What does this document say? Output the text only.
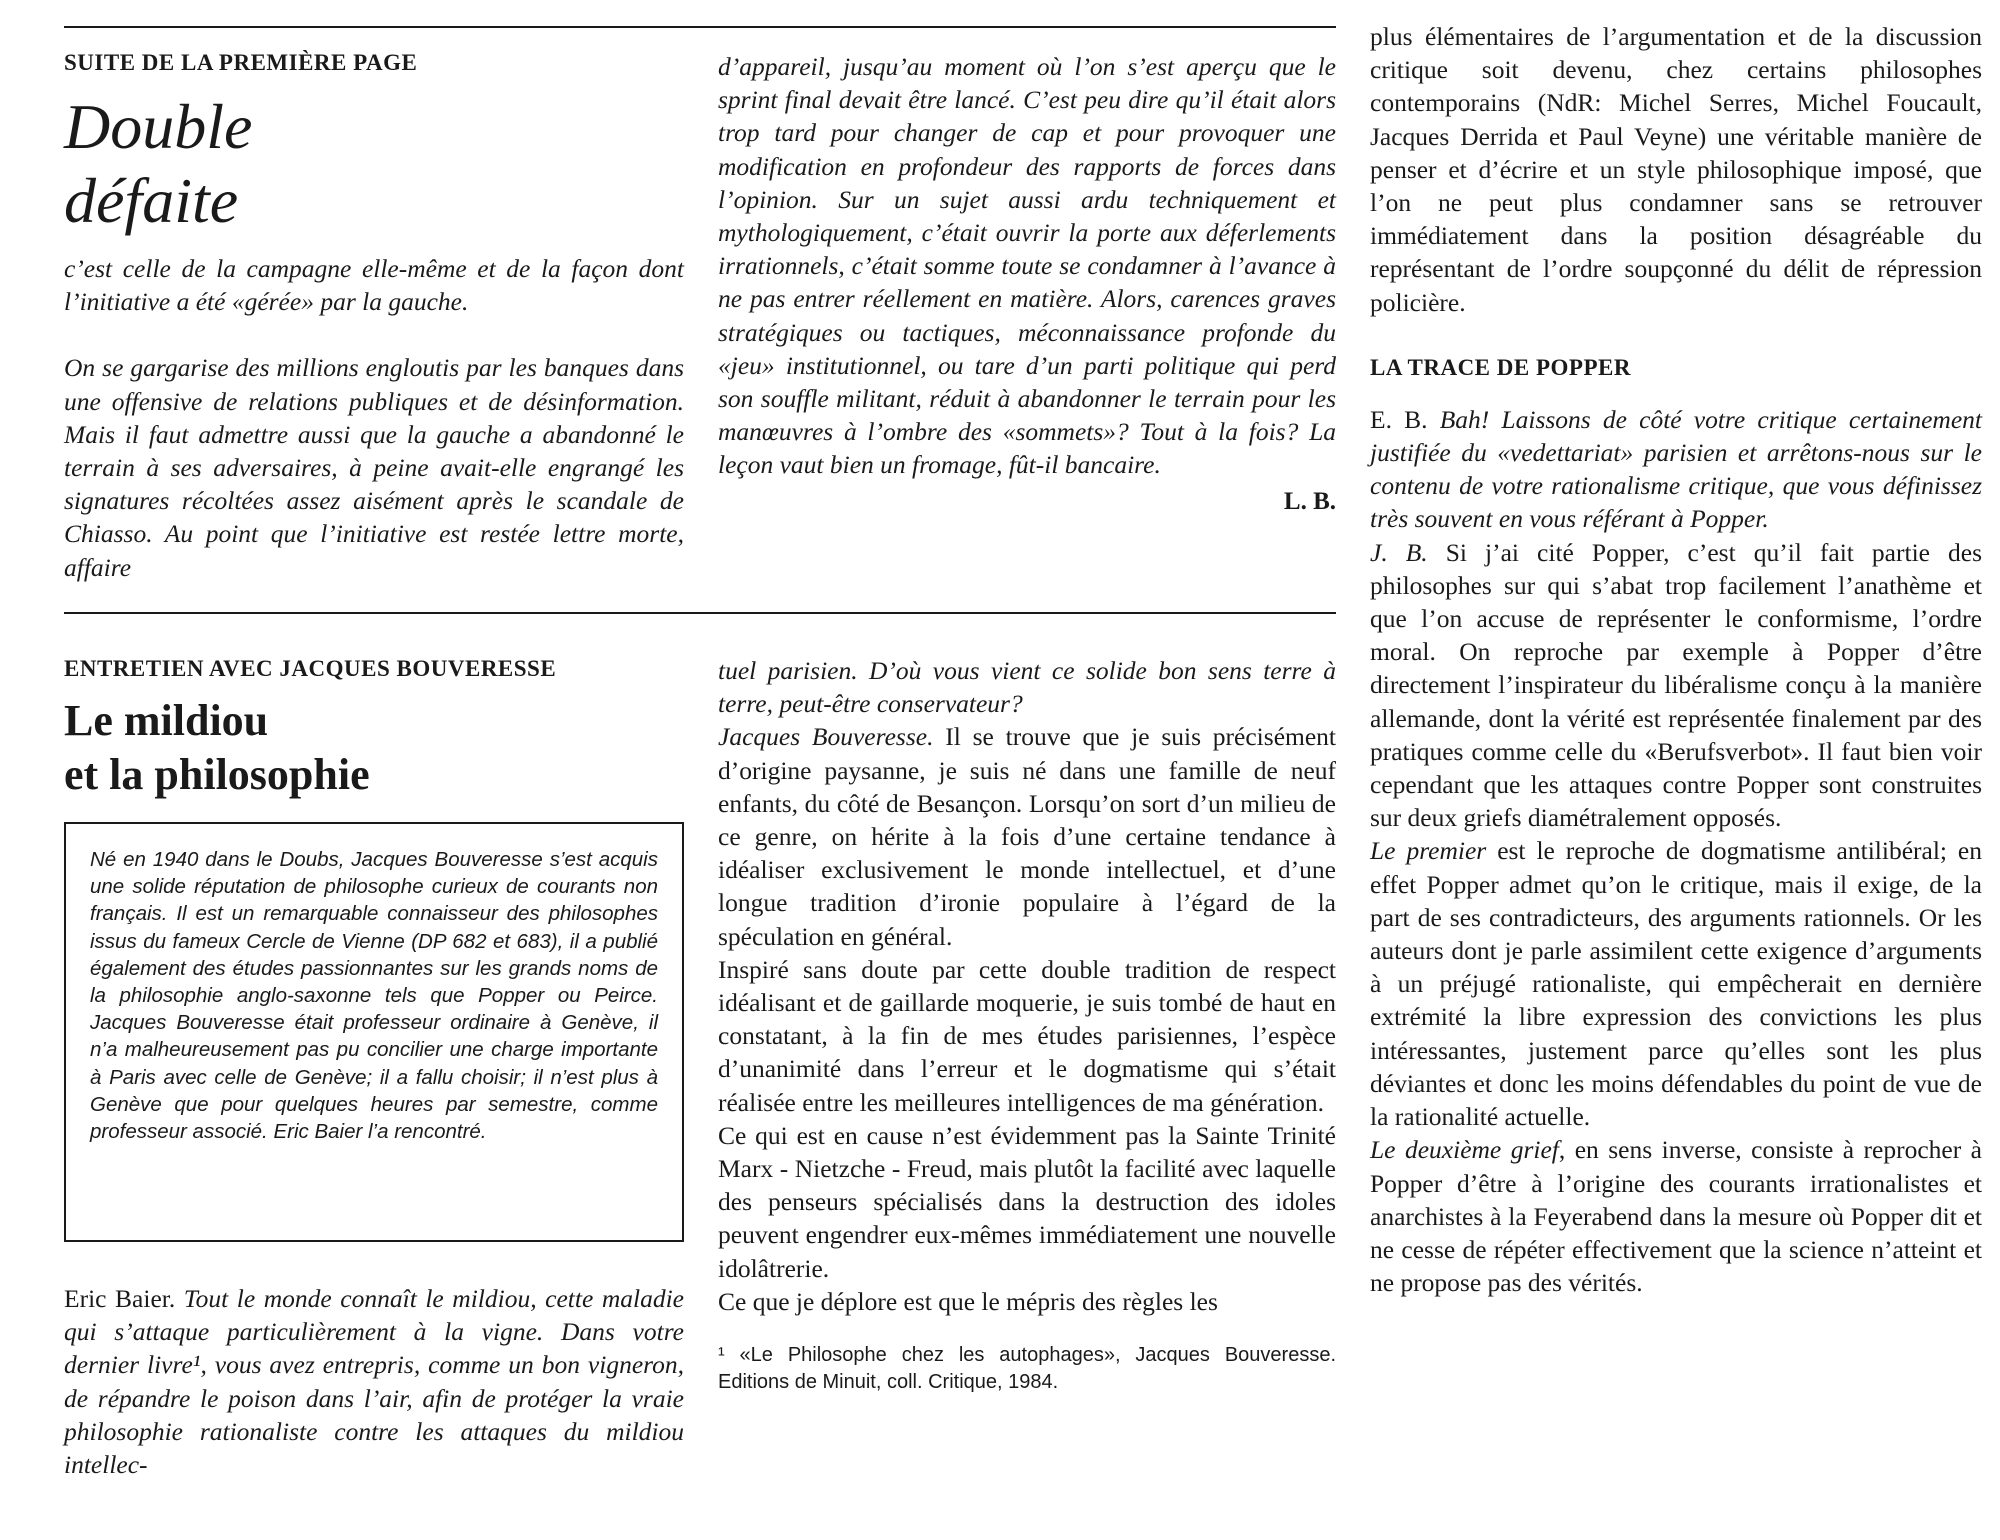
SUITE DE LA PREMIÈRE PAGE
Double
défaite

c’est celle de la campagne elle-même et de la façon dont l’initiative a été «gérée» par la gauche.

On se gargarise des millions engloutis par les banques dans une offensive de relations publiques et de désinformation. Mais il faut admettre aussi que la gauche a abandonné le terrain à ses adversaires, à peine avait-elle engrangé les signatures récoltées assez aisément après le scandale de Chiasso. Au point que l’initiative est restée lettre morte, affaire

d’appareil, jusqu’au moment où l’on s’est aperçu que le sprint final devait être lancé. C’est peu dire qu’il était alors trop tard pour changer de cap et pour provoquer une modification en profondeur des rapports de forces dans l’opinion. Sur un sujet aussi ardu techniquement et mythologiquement, c’était ouvrir la porte aux déferlements irrationnels, c’était somme toute se condamner à l’avance à ne pas entrer réellement en matière. Alors, carences graves stratégiques ou tactiques, méconnaissance profonde du «jeu» institutionnel, ou tare d’un parti politique qui perd son souffle militant, réduit à abandonner le terrain pour les manœuvres à l’ombre des «sommets»? Tout à la fois? La leçon vaut bien un fromage, fût-il bancaire.

L. B.
ENTRETIEN AVEC JACQUES BOUVERESSE
Le mildiou
et la philosophie
Né en 1940 dans le Doubs, Jacques Bouveresse s’est acquis une solide réputation de philosophe curieux de courants non français. Il est un remarquable connaisseur des philosophes issus du fameux Cercle de Vienne (DP 682 et 683), il a publié également des études passionnantes sur les grands noms de la philosophie anglo-saxonne tels que Popper ou Peirce. Jacques Bouveresse était professeur ordinaire à Genève, il n’a malheureusement pas pu concilier une charge importante à Paris avec celle de Genève; il a fallu choisir; il n’est plus à Genève que pour quelques heures par semestre, comme professeur associé. Eric Baier l’a rencontré.

Eric Baier. Tout le monde connaît le mildiou, cette maladie qui s’attaque particulièrement à la vigne. Dans votre dernier livre¹, vous avez entrepris, comme un bon vigneron, de répandre le poison dans l’air, afin de protéger la vraie philosophie rationaliste contre les attaques du mildiou intellec-

tuel parisien. D’où vous vient ce solide bon sens terre à terre, peut-être conservateur?

Jacques Bouveresse. Il se trouve que je suis précisément d’origine paysanne, je suis né dans une famille de neuf enfants, du côté de Besançon. Lorsqu’on sort d’un milieu de ce genre, on hérite à la fois d’une certaine tendance à idéaliser exclusivement le monde intellectuel, et d’une longue tradition d’ironie populaire à l’égard de la spéculation en général.

Inspiré sans doute par cette double tradition de respect idéalisant et de gaillarde moquerie, je suis tombé de haut en constatant, à la fin de mes études parisiennes, l’espèce d’unanimité dans l’erreur et le dogmatisme qui s’était réalisée entre les meilleures intelligences de ma génération.

Ce qui est en cause n’est évidemment pas la Sainte Trinité Marx - Nietzche - Freud, mais plutôt la facilité avec laquelle des penseurs spécialisés dans la destruction des idoles peuvent engendrer eux-mêmes immédiatement une nouvelle idolâtrerie.

Ce que je déplore est que le mépris des règles les

¹ «Le Philosophe chez les autophages», Jacques Bouveresse. Editions de Minuit, coll. Critique, 1984.

plus élémentaires de l’argumentation et de la discussion critique soit devenu, chez certains philosophes contemporains (NdR: Michel Serres, Michel Foucault, Jacques Derrida et Paul Veyne) une véritable manière de penser et d’écrire et un style philosophique imposé, que l’on ne peut plus condamner sans se retrouver immédiatement dans la position désagréable du représentant de l’ordre soupçonné du délit de répression policière.

LA TRACE DE POPPER

E. B. Bah! Laissons de côté votre critique certainement justifiée du «vedettariat» parisien et arrêtons-nous sur le contenu de votre rationalisme critique, que vous définissez très souvent en vous référant à Popper.

J. B. Si j’ai cité Popper, c’est qu’il fait partie des philosophes sur qui s’abat trop facilement l’anathème et que l’on accuse de représenter le conformisme, l’ordre moral. On reproche par exemple à Popper d’être directement l’inspirateur du libéralisme conçu à la manière allemande, dont la vérité est représentée finalement par des pratiques comme celle du «Berufsverbot». Il faut bien voir cependant que les attaques contre Popper sont construites sur deux griefs diamétralement opposés.

Le premier est le reproche de dogmatisme antilibéral; en effet Popper admet qu’on le critique, mais il exige, de la part de ses contradicteurs, des arguments rationnels. Or les auteurs dont je parle assimilent cette exigence d’arguments à un préjugé rationaliste, qui empêcherait en dernière extrémité la libre expression des convictions les plus intéressantes, justement parce qu’elles sont les plus déviantes et donc les moins défendables du point de vue de la rationalité actuelle.

Le deuxième grief, en sens inverse, consiste à reprocher à Popper d’être à l’origine des courants irrationalistes et anarchistes à la Feyerabend dans la mesure où Popper dit et ne cesse de répéter effectivement que la science n’atteint et ne propose pas des vérités.
